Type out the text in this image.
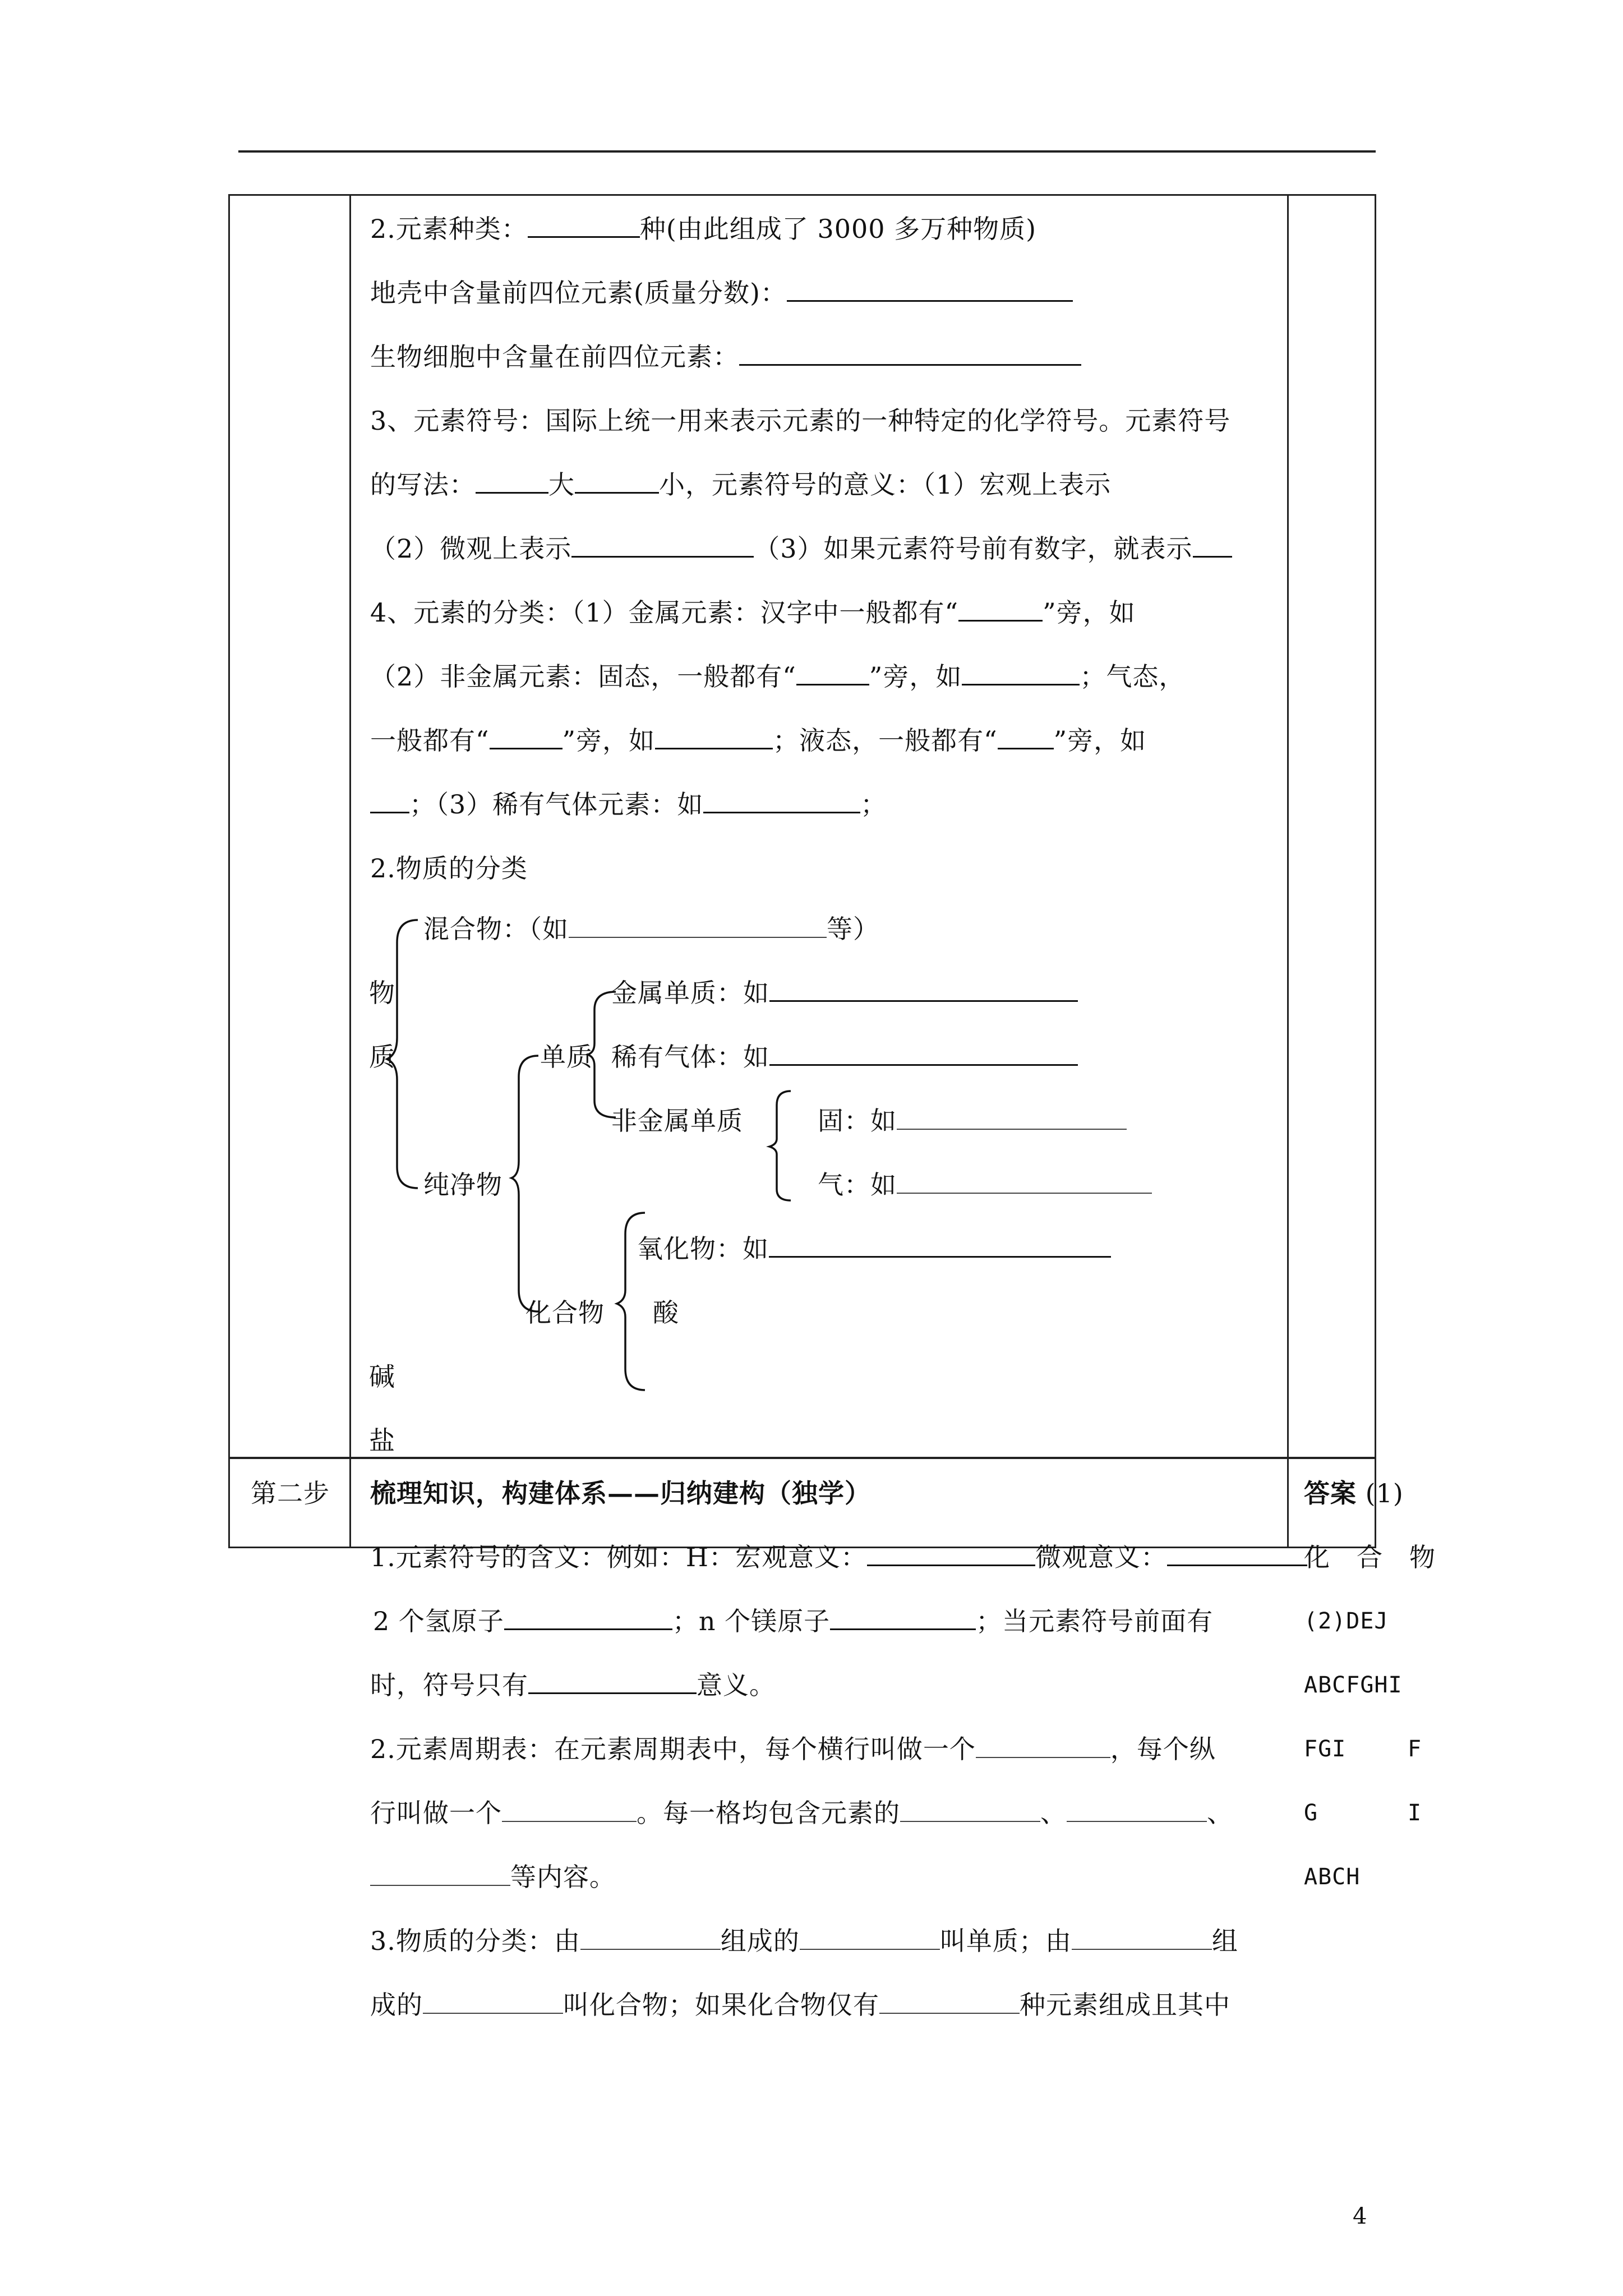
2.元素种类：	种(由此组成了 3000 多万种物质)
地壳中含量前四位元素(质量分数)：
生物细胞中含量在前四位元素：
3、元素符号：国际上统一用来表示元素的一种特定的化学符号。元素符号
的写法：	大	小，元素符号的意义：（1）宏观上表示
（2）微观上表示	（3）如果元素符号前有数字，就表示
4、元素的分类：（1）金属元素：汉字中一般都有“	”旁，如
（2）非金属元素：固态，一般都有“	”旁，如	；气态，
一般都有“	”旁，如	；液态，一般都有“ ”旁，如
；（3）稀有气体元素：如	；
2.物质的分类
混合物：（如	等）
物
质
金属单质：如
单质 稀有气体：如
非金属单质	固：如
纯净物	气：如
氧化物：如
化合物 酸
碱
盐
第二步 梳理知识，构建体系——归纳建构（独学）
1.元素符号的含义：例如：H：宏观意义：	微观意义：
2 个氢原子	；n 个镁原子	；当元素符号前面有
时，符号只有	意义。
2.元素周期表：在元素周期表中，每个横行叫做一个	，每个纵
行叫做一个	。每一格均包含元素的	、	、
等内容。
3.物质的分类：由	组成的	叫单质；由	组
成的	叫化合物；如果化合物仅有	种元素组成且其中
答案 (1)
化　合　物
(2)DEJ
ABCFGHI
FGI	F
G	I
ABCH
4
